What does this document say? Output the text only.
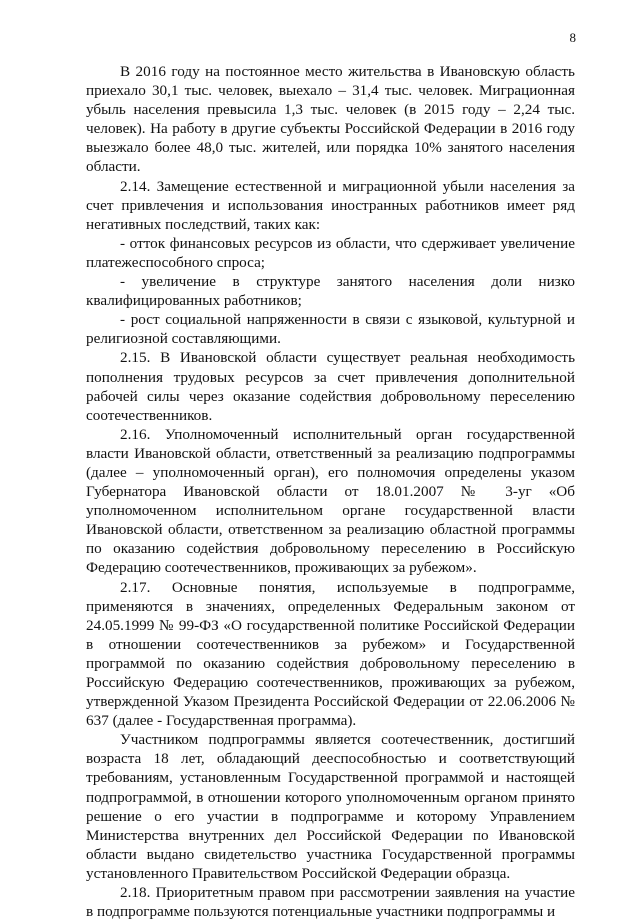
8

В 2016 году на постоянное место жительства в Ивановскую область приехало 30,1 тыс. человек, выехало – 31,4 тыс. человек. Миграционная убыль населения превысила 1,3 тыс. человек (в 2015 году – 2,24 тыс. человек). На работу в другие субъекты Российской Федерации в 2016 году выезжало более 48,0 тыс. жителей, или порядка 10% занятого населения области.

2.14. Замещение естественной и миграционной убыли населения за счет привлечения и использования иностранных работников имеет ряд негативных последствий, таких как:

- отток финансовых ресурсов из области, что сдерживает увеличение платежеспособного спроса;

- увеличение в структуре занятого населения доли низко квалифицированных работников;

- рост социальной напряженности в связи с языковой, культурной и религиозной составляющими.

2.15. В Ивановской области существует реальная необходимость пополнения трудовых ресурсов за счет привлечения дополнительной рабочей силы через оказание содействия добровольному переселению соотечественников.

2.16. Уполномоченный исполнительный орган государственной власти Ивановской области, ответственный за реализацию подпрограммы (далее – уполномоченный орган), его полномочия определены указом Губернатора Ивановской области от 18.01.2007 № 3-уг «Об уполномоченном исполнительном органе государственной власти Ивановской области, ответственном за реализацию областной программы по оказанию содействия добровольному переселению в Российскую Федерацию соотечественников, проживающих за рубежом».

2.17. Основные понятия, используемые в подпрограмме, применяются в значениях, определенных Федеральным законом от 24.05.1999 № 99-ФЗ «О государственной политике Российской Федерации в отношении соотечественников за рубежом» и Государственной программой по оказанию содействия добровольному переселению в Российскую Федерацию соотечественников, проживающих за рубежом, утвержденной Указом Президента Российской Федерации от 22.06.2006 № 637 (далее - Государственная программа).

Участником подпрограммы является соотечественник, достигший возраста 18 лет, обладающий дееспособностью и соответствующий требованиям, установленным Государственной программой и настоящей подпрограммой, в отношении которого уполномоченным органом принято решение о его участии в подпрограмме и которому Управлением Министерства внутренних дел Российской Федерации по Ивановской области выдано свидетельство участника Государственной программы установленного Правительством Российской Федерации образца.

2.18. Приоритетным правом при рассмотрении заявления на участие в подпрограмме пользуются потенциальные участники подпрограммы и
